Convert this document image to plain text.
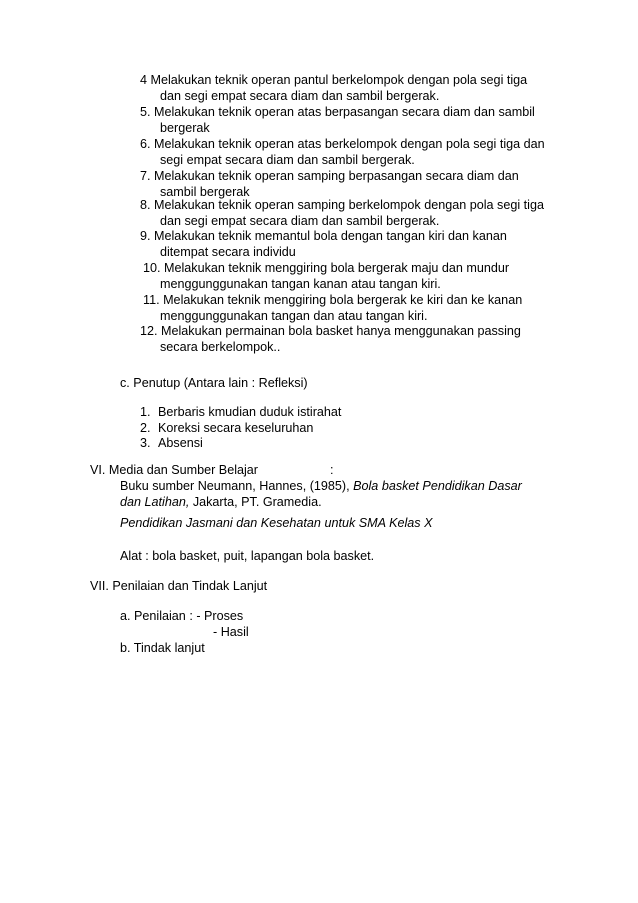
4 Melakukan teknik operan pantul berkelompok dengan pola segi tiga
dan segi empat secara diam dan sambil bergerak.
5. Melakukan teknik operan atas berpasangan secara diam dan sambil
bergerak
6. Melakukan teknik operan atas berkelompok dengan pola segi tiga dan
segi empat secara diam dan sambil bergerak.
7. Melakukan teknik operan samping berpasangan secara diam dan
sambil bergerak
8. Melakukan teknik operan samping berkelompok dengan pola segi tiga
dan segi empat secara diam dan sambil bergerak.
9. Melakukan teknik memantul bola dengan tangan kiri dan kanan
ditempat secara individu
10. Melakukan teknik menggiring bola bergerak maju dan mundur
menggunggunakan tangan kanan atau tangan kiri.
11. Melakukan teknik menggiring bola bergerak ke kiri dan ke kanan
menggunggunakan tangan dan atau tangan kiri.
12. Melakukan permainan bola basket hanya menggunakan passing
secara berkelompok..
c. Penutup (Antara lain : Refleksi)
1. Berbaris kmudian duduk istirahat
2. Koreksi secara keseluruhan
3. Absensi
VI. Media dan Sumber Belajar	:
Buku sumber Neumann, Hannes, (1985), Bola basket Pendidikan Dasar
dan Latihan, Jakarta, PT. Gramedia.
Pendidikan Jasmani dan Kesehatan untuk SMA Kelas X
Alat : bola basket, puit, lapangan bola basket.
VII. Penilaian dan Tindak Lanjut
a. Penilaian : - Proses
- Hasil
b. Tindak lanjut
